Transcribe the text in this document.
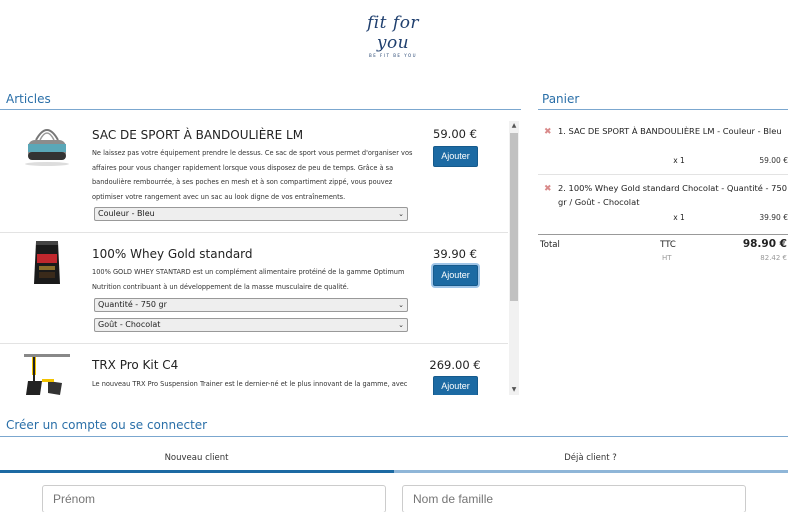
fit for you
BE FIT BE YOU
Articles	Panier
SAC DE SPORT À BANDOULIÈRE LM
Ne laissez pas votre équipement prendre le dessus. Ce sac de sport vous permet d'organiser vos affaires pour vous changer rapidement lorsque vous disposez de peu de temps. Grâce à sa bandoulière rembourrée, à ses poches en mesh et à son compartiment zippé, vous pouvez optimiser votre rangement avec un sac au look digne de vos entraînements.
59.00 €
Ajouter
Couleur - Bleu	⌄
100% Whey Gold standard
100% GOLD WHEY STANTARD est un complément alimentaire protéiné de la gamme Optimum Nutrition contribuant à un développement de la masse musculaire de qualité.
39.90 €
Ajouter
Quantité - 750 gr	⌄
Goût - Chocolat	⌄
TRX Pro Kit C4
Le nouveau TRX Pro Suspension Trainer est le dernier-né et le plus innovant de la gamme, avec
269.00 €
Ajouter
▲
▼
✖ 1. SAC DE SPORT À BANDOULIÈRE LM - Couleur - Bleu
x 1	59.00 €
✖ 2. 100% Whey Gold standard Chocolat - Quantité - 750 gr / Goût - Chocolat
x 1	39.90 €
Total	TTC	98.90 €
HT	82.42 €
Créer un compte ou se connecter
Nouveau client	Déjà client ?
Prénom
Nom de famille
